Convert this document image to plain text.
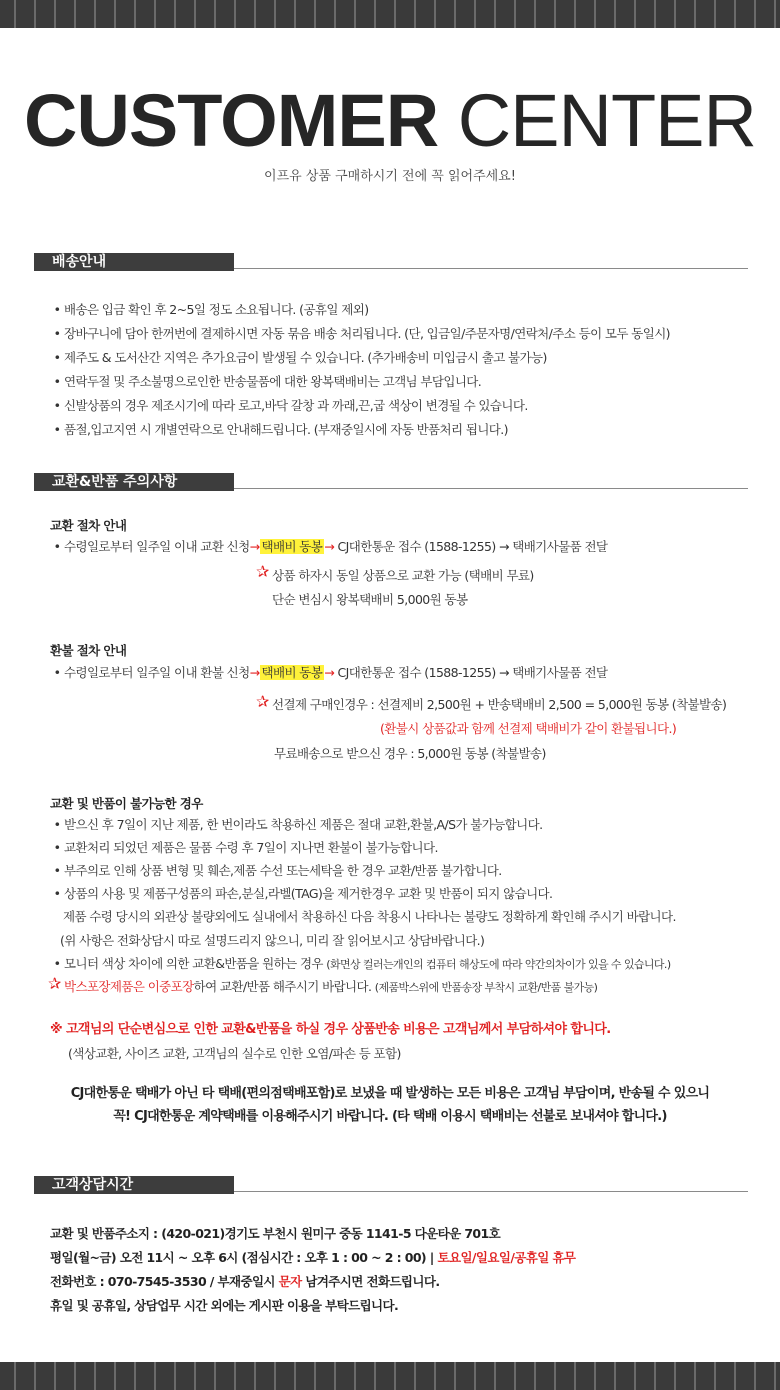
CUSTOMER CENTER
이프유 상품 구매하시기 전에 꼭 읽어주세요!
배송안내
• 배송은 입금 확인 후 2~5일 정도 소요됩니다. (공휴일 제외)
• 장바구니에 담아 한꺼번에 결제하시면 자동 묶음 배송 처리됩니다. (단, 입금일/주문자명/연락처/주소 등이 모두 동일시)
• 제주도 & 도서산간 지역은 추가요금이 발생될 수 있습니다. (추가배송비 미입금시 출고 불가능)
• 연락두절 및 주소불명으로인한 반송물품에 대한 왕복택배비는 고객님 부담입니다.
• 신발상품의 경우 제조시기에 따라 로고,바닥 갈창 과 까래,끈,굽 색상이 변경될 수 있습니다.
• 품절,입고지연 시 개별연락으로 안내해드립니다. (부재중일시에 자동 반품처리 됩니다.)
교환&반품 주의사항
교환 절차 안내
• 수령일로부터 일주일 이내 교환 신청→ 택배비 동봉 → CJ대한통운 접수 (1588-1255) → 택배기사물품 전달
✰ 상품 하자시 동일 상품으로 교환 가능 (택배비 무료)
단순 변심시 왕복택배비 5,000원 동봉
환불 절차 안내
• 수령일로부터 일주일 이내 환불 신청→ 택배비 동봉 → CJ대한통운 접수 (1588-1255) → 택배기사물품 전달
✰ 선결제 구매인경우 : 선결제비 2,500원 + 반송택배비 2,500 = 5,000원 동봉 (착불발송)
(환불시 상품값과 함께 선결제 택배비가 같이 환불됩니다.)
무료배송으로 받으신 경우 : 5,000원 동봉 (착불발송)
교환 및 반품이 불가능한 경우
• 받으신 후 7일이 지난 제품, 한 번이라도 착용하신 제품은 절대 교환,환불,A/S가 불가능합니다.
• 교환처리 되었던 제품은 물품 수령 후 7일이 지나면 환불이 불가능합니다.
• 부주의로 인해 상품 변형 및 훼손,제품 수선 또는세탁을 한 경우 교환/반품 불가합니다.
• 상품의 사용 및 제품구성품의 파손,분실,라벨(TAG)을 제거한경우 교환 및 반품이 되지 않습니다.
제품 수령 당시의 외관상 불량외에도 실내에서 착용하신 다음 착용시 나타나는 불량도 정확하게 확인해 주시기 바랍니다.
(위 사항은 전화상담시 따로 설명드리지 않으니, 미리 잘 읽어보시고 상담바랍니다.)
• 모니터 색상 차이에 의한 교환&반품을 원하는 경우 (화면상 컬러는개인의 컴퓨터 해상도에 따라 약간의차이가 있을 수 있습니다.)
✰ 박스포장제품은 이중포장하여 교환/반품 해주시기 바랍니다. (제품박스위에 반품송장 부착시 교환/반품 불가능)
※ 고객님의 단순변심으로 인한 교환&반품을 하실 경우 상품반송 비용은 고객님께서 부담하셔야 합니다.
(색상교환, 사이즈 교환, 고객님의 실수로 인한 오염/파손 등 포함)
CJ대한통운 택배가 아닌 타 택배(편의점택배포함)로 보냈을 때 발생하는 모든 비용은 고객님 부담이며, 반송될 수 있으니
꼭! CJ대한통운 계약택배를 이용해주시기 바랍니다. (타 택배 이용시 택배비는 선불로 보내셔야 합니다.)
고객상담시간
교환 및 반품주소지 : (420-021)경기도 부천시 원미구 중동 1141-5 다운타운 701호
평일(월~금) 오전 11시 ~ 오후 6시 (점심시간 : 오후 1 : 00 ~ 2 : 00) | 토요일/일요일/공휴일 휴무
전화번호 : 070-7545-3530 / 부재중일시 문자 남겨주시면 전화드립니다.
휴일 및 공휴일, 상담업무 시간 외에는 게시판 이용을 부탁드립니다.
